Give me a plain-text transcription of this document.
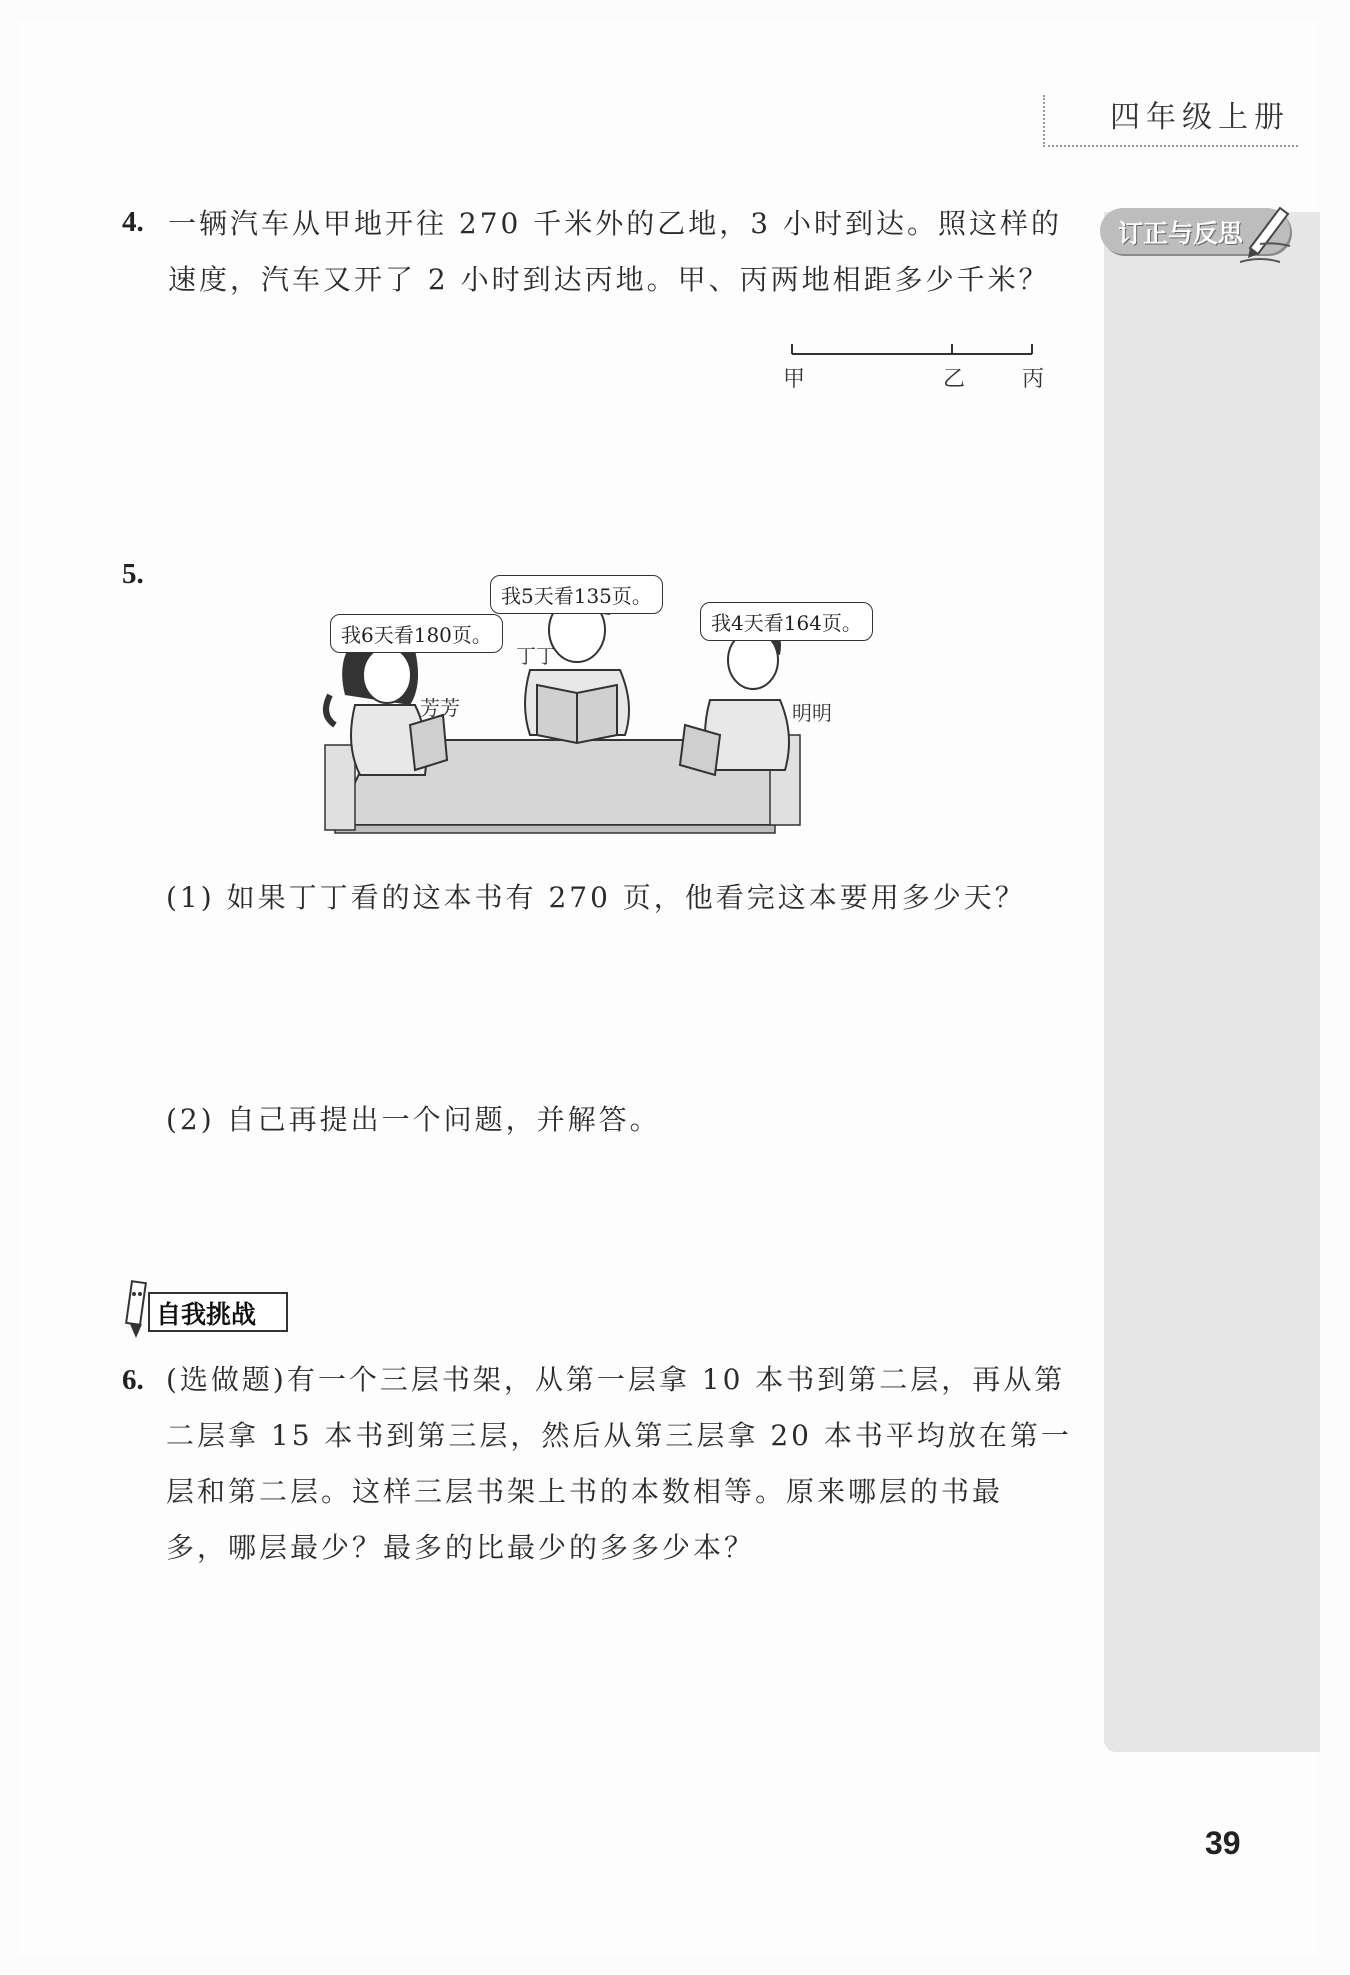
四年级上册
订正与反思
4. 一辆汽车从甲地开往 270 千米外的乙地，3 小时到达。照这样的
速度，汽车又开了 2 小时到达丙地。甲、丙两地相距多少千米？
甲	乙	丙
5.
我6天看180页。
我5天看135页。
我4天看164页。
芳芳
丁丁
明明
(1) 如果丁丁看的这本书有 270 页，他看完这本要用多少天？
(2) 自己再提出一个问题，并解答。
自我挑战
6. (选做题)有一个三层书架，从第一层拿 10 本书到第二层，再从第
二层拿 15 本书到第三层，然后从第三层拿 20 本书平均放在第一
层和第二层。这样三层书架上书的本数相等。原来哪层的书最
多，哪层最少？最多的比最少的多多少本？
39
